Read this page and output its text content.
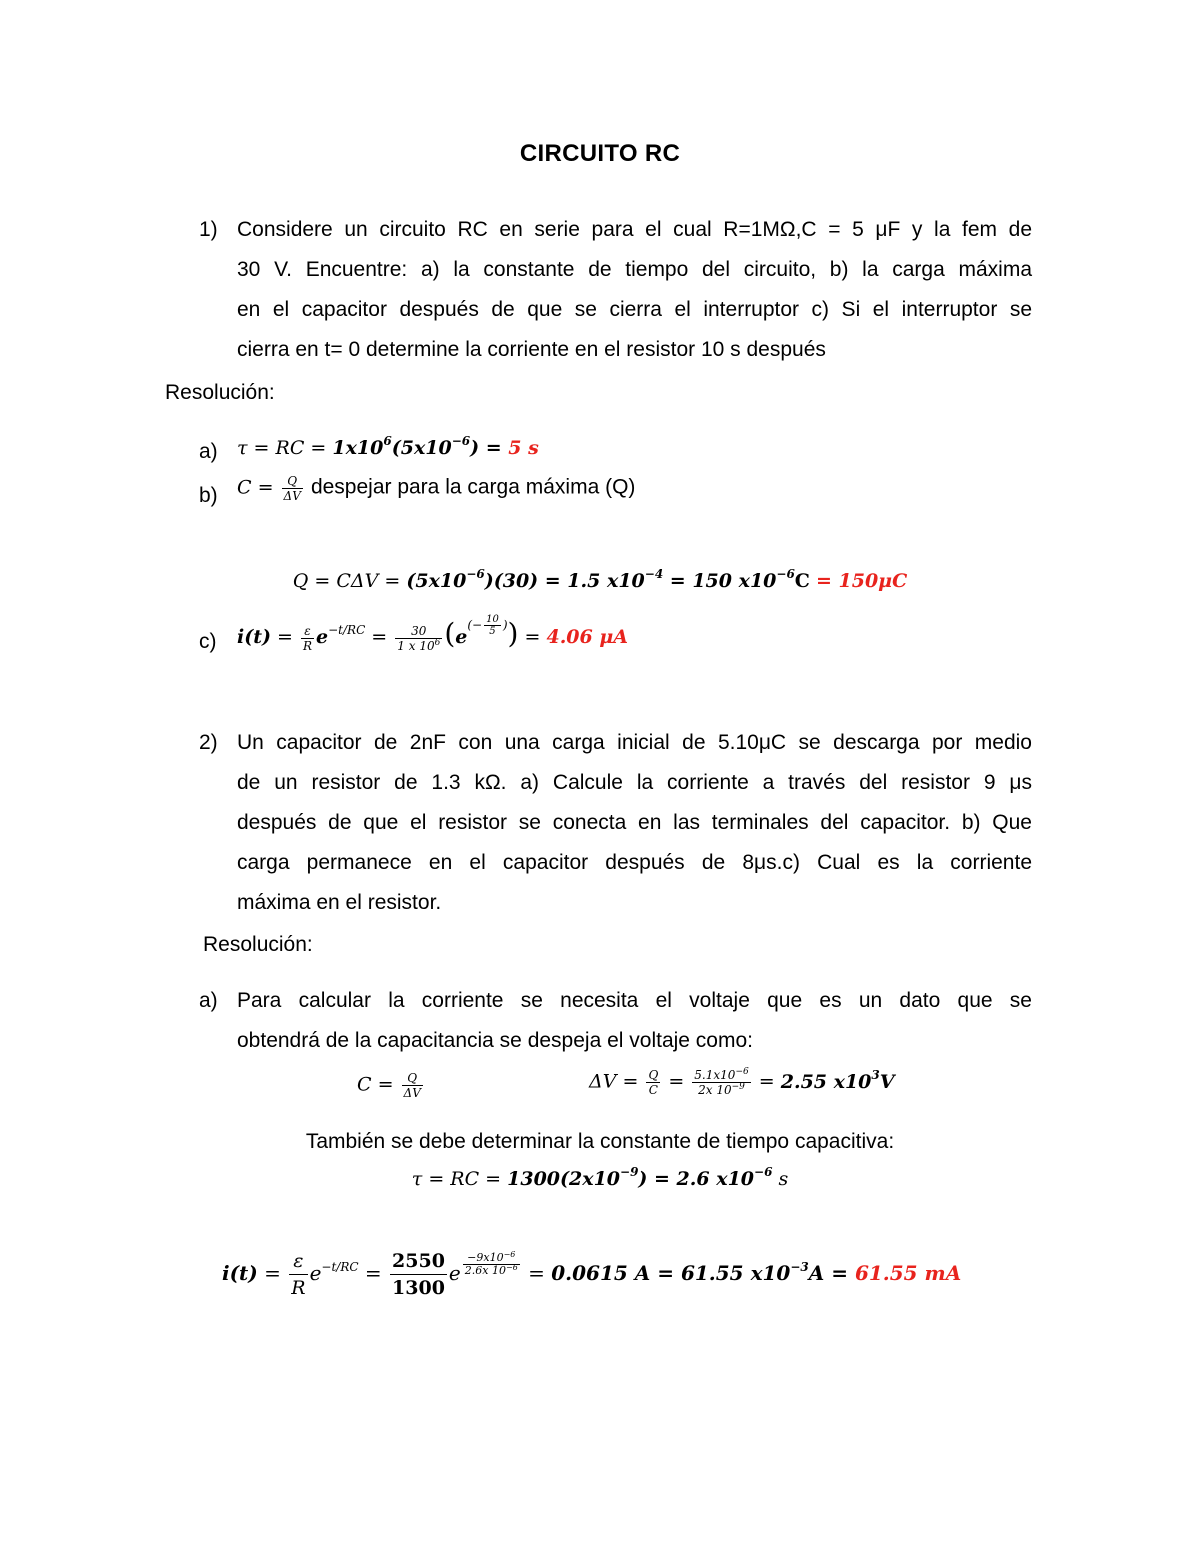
CIRCUITO RC
1) Considere un circuito RC en serie para el cual R=1MΩ,C = 5 μF y la fem de
30 V. Encuentre: a) la constante de tiempo del circuito, b) la carga máxima
en el capacitor después de que se cierra el interruptor c) Si el interruptor se
cierra en t= 0 determine la corriente en el resistor 10 s después
Resolución:
a) τ = RC = $1x10^6(5x10^{-6}) = 5$ s
b) $C = \frac{Q}{\Delta V}$ despejar para la carga máxima (Q)
$Q = C\Delta V = (5x10^{-6})(30) = 1.5$ $x10^{-4} = 150$ $x10^{-6}C = 150\mu C$
c) $i(t) = \frac{\varepsilon}{R} e^{-t/RC} = \frac{30}{1 x 10^6} (e^{(- \frac{10}{5} )}) = 4.06$ μA
2) Un capacitor de 2nF con una carga inicial de 5.10μC se descarga por medio
de un resistor de 1.3 kΩ. a) Calcule la corriente a través del resistor 9 μs
después de que el resistor se conecta en las terminales del capacitor. b) Que
carga permanece en el capacitor después de 8μs.c) Cual es la corriente
máxima en el resistor.
Resolución:
a) Para calcular la corriente se necesita el voltaje que es un dato que se
obtendrá de la capacitancia se despeja el voltaje como:
$C = \frac{Q}{\Delta V}$	$\Delta V = \frac{Q}{C} = \frac{5.1x10^{-6}}{2x 10^{-9}} = 2.55$ $x10^3V$
También se debe determinar la constante de tiempo capacitiva:
τ = RC = $1300(2x10^{-9}) = 2.6$ $x10^{-6}$ s
$i(t) = \frac{\varepsilon}{R} e^{-t/RC} = \frac{2550}{1300}$ e $^{\frac{-9x10^{-6}}{2.6x 10^{-6}}}$ = 0.0615 A = 61.55 $x10^{-3}A = 61.55$ mA
